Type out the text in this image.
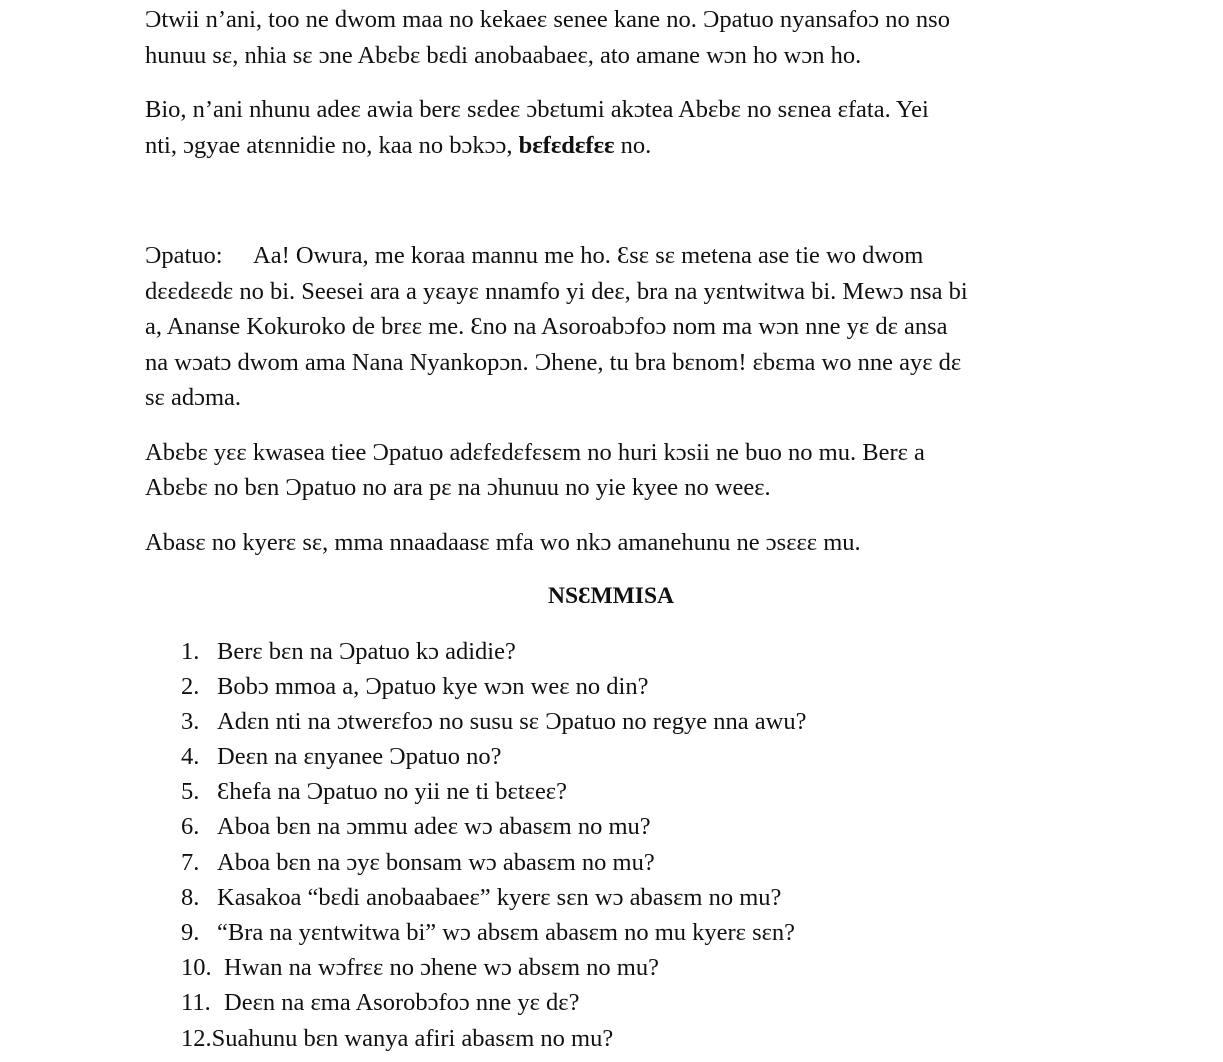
Ɔtwii n’ani, too ne dwom maa no kekaeɛ senee kane no. Ɔpatuo nyansafoɔ no nso
hunuu sɛ, nhia sɛ ɔne Abɛbɛ bɛdi anobaabaeɛ, ato amane wɔn ho wɔn ho.
Bio, n’ani nhunu adeɛ awia berɛ sɛdeɛ ɔbɛtumi akɔtea Abɛbɛ no sɛnea ɛfata. Yei
nti, ɔgyae atɛnnidie no, kaa no bɔkɔɔ, bɛfɛdɛfɛɛ no.
Ɔpatuo: Aa! Owura, me koraa mannu me ho. Ɛsɛ sɛ metena ase tie wo dwom
dɛɛdɛɛdɛ no bi. Seesei ara a yɛayɛ nnamfo yi deɛ, bra na yɛntwitwa bi. Mewɔ nsa bi
a, Ananse Kokuroko de brɛɛ me. Ɛno na Asoroabɔfoɔ nom ma wɔn nne yɛ dɛ ansa
na wɔatɔ dwom ama Nana Nyankopɔn. Ɔhene, tu bra bɛnom! ɛbɛma wo nne ayɛ dɛ
sɛ adɔma.
Abɛbɛ yɛɛ kwasea tiee Ɔpatuo adɛfɛdɛfɛsɛm no huri kɔsii ne buo no mu. Berɛ a
Abɛbɛ no bɛn Ɔpatuo no ara pɛ na ɔhunuu no yie kyee no weeɛ.
Abasɛ no kyerɛ sɛ, mma nnaadaasɛ mfa wo nkɔ amanehunu ne ɔsɛɛɛ mu.
NSƐMMISA
1. Berɛ bɛn na Ɔpatuo kɔ adidie?
2. Bobɔ mmoa a, Ɔpatuo kye wɔn weɛ no din?
3. Adɛn nti na ɔtwerɛfoɔ no susu sɛ Ɔpatuo no regye nna awu?
4. Deɛn na ɛnyanee Ɔpatuo no?
5. Ɛhefa na Ɔpatuo no yii ne ti bɛtɛeɛ?
6. Aboa bɛn na ɔmmu adeɛ wɔ abasɛm no mu?
7. Aboa bɛn na ɔyɛ bonsam wɔ abasɛm no mu?
8. Kasakoa “bɛdi anobaabaeɛ” kyerɛ sɛn wɔ abasɛm no mu?
9. “Bra na yɛntwitwa bi” wɔ absɛm abasɛm no mu kyerɛ sɛn?
10. Hwan na wɔfrɛɛ no ɔhene wɔ absɛm no mu?
11. Deɛn na ɛma Asorobɔfoɔ nne yɛ dɛ?
12.Suahunu bɛn wanya afiri abasɛm no mu?
